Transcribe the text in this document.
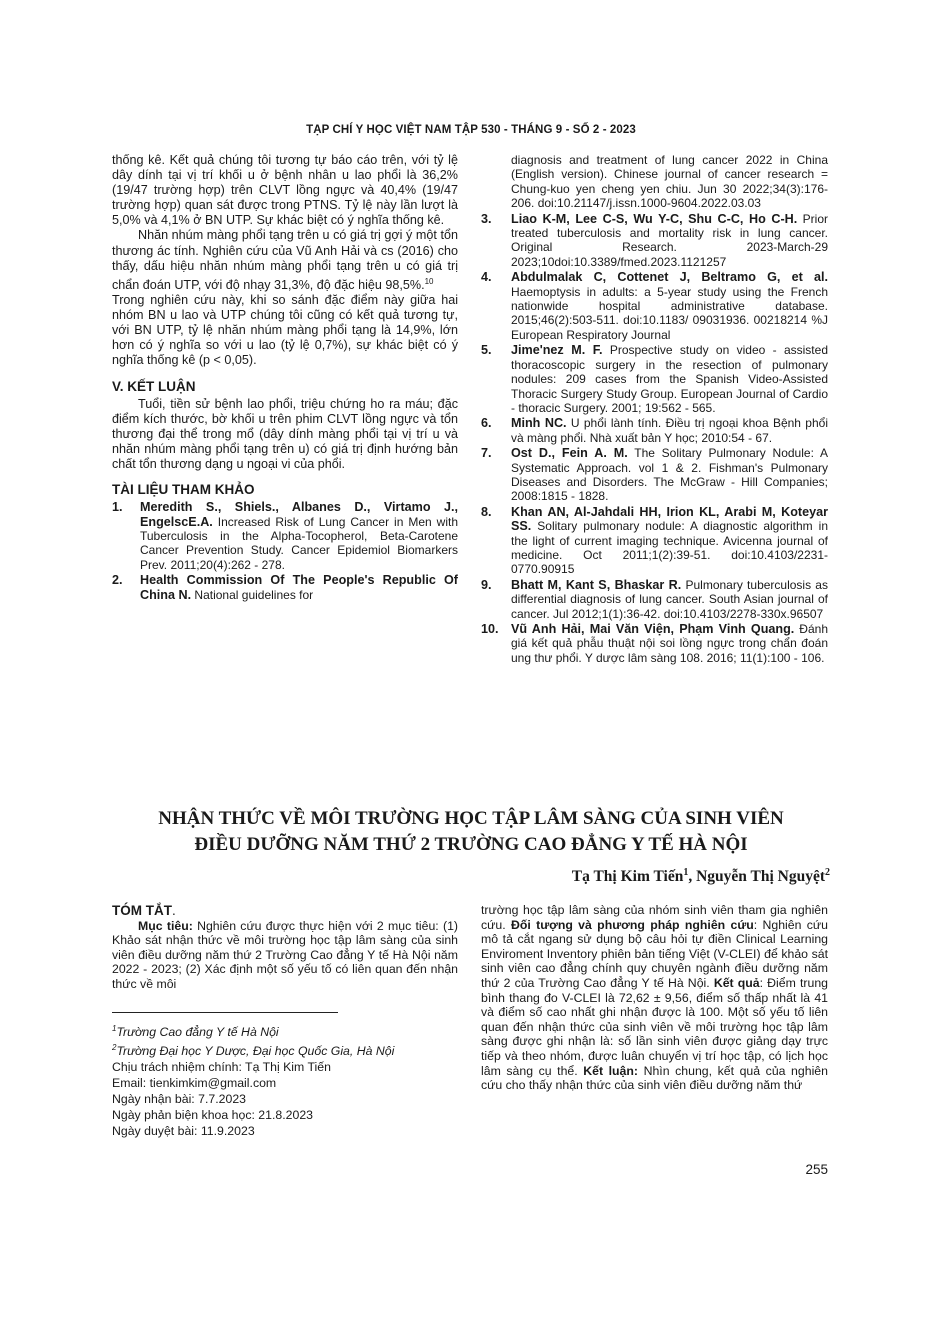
TẠP CHÍ Y HỌC VIỆT NAM TẬP 530 - THÁNG 9 - SỐ 2 - 2023

thống kê. Kết quả chúng tôi tương tự báo cáo trên, với tỷ lệ dây dính tại vị trí khối u ở bệnh nhân u lao phổi là 36,2% (19/47 trường hợp) trên CLVT lồng ngực và 40,4% (19/47 trường hợp) quan sát được trong PTNS. Tỷ lệ này lần lượt là 5,0% và 4,1% ở BN UTP. Sự khác biệt có ý nghĩa thống kê.

Nhăn nhúm màng phổi tạng trên u có giá trị gợi ý một tổn thương ác tính. Nghiên cứu của Vũ Anh Hải và cs (2016) cho thấy, dấu hiệu nhăn nhúm màng phổi tạng trên u có giá trị chẩn đoán UTP, với độ nhạy 31,3%, độ đặc hiệu 98,5%.$^{10}$

Trong nghiên cứu này, khi so sánh đặc điểm này giữa hai nhóm BN u lao và UTP chúng tôi cũng có kết quả tương tự, với BN UTP, tỷ lệ nhăn nhúm màng phổi tạng là 14,9%, lớn hơn có ý nghĩa so với u lao (tỷ lệ 0,7%), sự khác biệt có ý nghĩa thống kê (p < 0,05).

V. KẾT LUẬN

Tuổi, tiền sử bệnh lao phổi, triệu chứng ho ra máu; đặc điểm kích thước, bờ khối u trên phim CLVT lồng ngực và tổn thương đại thể trong mổ (dây dính màng phổi tại vị trí u và nhăn nhúm màng phổi tạng trên u) có giá trị định hướng bản chất tổn thương dạng u ngoại vi của phổi.

TÀI LIỆU THAM KHẢO
1.	Meredith S., Shiels., Albanes D., Virtamo J., EngelscE.A. Increased Risk of Lung Cancer in Men with Tuberculosis in the Alpha-Tocopherol, Beta-Carotene Cancer Prevention Study. Cancer Epidemiol Biomarkers Prev. 2011;20(4):262 - 278.
2.	Health Commission Of The People's Republic Of China N. National guidelines for
diagnosis and treatment of lung cancer 2022 in China (English version). Chinese journal of cancer research = Chung-kuo yen cheng yen chiu. Jun 30 2022;34(3):176-206. doi:10.21147/j.issn.1000-9604.2022.03.03
3.	Liao K-M, Lee C-S, Wu Y-C, Shu C-C, Ho C-H. Prior treated tuberculosis and mortality risk in lung cancer. Original Research. 2023-March-29 2023;10doi:10.3389/fmed.2023.1121257
4.	Abdulmalak C, Cottenet J, Beltramo G, et al. Haemoptysis in adults: a 5-year study using the French nationwide hospital administrative database. 2015;46(2):503-511. doi:10.1183/ 09031936. 00218214 %J European Respiratory Journal
5.	Jime'nez M. F. Prospective study on video - assisted thoracoscopic surgery in the resection of pulmonary nodules: 209 cases from the Spanish Video-Assisted Thoracic Surgery Study Group. European Journal of Cardio - thoracic Surgery. 2001; 19:562 - 565.
6.	Minh NC. U phổi lành tính. Điều trị ngoại khoa Bệnh phổi và màng phổi. Nhà xuất bản Y học; 2010:54 - 67.
7.	Ost D., Fein A. M. The Solitary Pulmonary Nodule: A Systematic Approach. vol 1 & 2. Fishman's Pulmonary Diseases and Disorders. The McGraw - Hill Companies; 2008:1815 - 1828.
8.	Khan AN, Al-Jahdali HH, Irion KL, Arabi M, Koteyar SS. Solitary pulmonary nodule: A diagnostic algorithm in the light of current imaging technique. Avicenna journal of medicine. Oct 2011;1(2):39-51. doi:10.4103/2231-0770.90915
9.	Bhatt M, Kant S, Bhaskar R. Pulmonary tuberculosis as differential diagnosis of lung cancer. South Asian journal of cancer. Jul 2012;1(1):36-42. doi:10.4103/2278-330x.96507
10. Vũ Anh Hải, Mai Văn Viện, Phạm Vinh Quang. Đánh giá kết quả phẫu thuật nội soi lồng ngực trong chẩn đoán ung thư phổi. Y dược lâm sàng 108. 2016; 11(1):100 - 106.
NHẬN THỨC VỀ MÔI TRƯỜNG HỌC TẬP LÂM SÀNG CỦA SINH VIÊN
ĐIỀU DƯỠNG NĂM THỨ 2 TRƯỜNG CAO ĐẲNG Y TẾ HÀ NỘI
Tạ Thị Kim Tiến$^1$, Nguyễn Thị Nguyệt$^2$
TÓM TẮT.

Mục tiêu: Nghiên cứu được thực hiện với 2 mục tiêu: (1) Khảo sát nhận thức về môi trường học tập lâm sàng của sinh viên điều dưỡng năm thứ 2 Trường Cao đẳng Y tế Hà Nội năm 2022 - 2023; (2) Xác định một số yếu tố có liên quan đến nhận thức về môi

trường học tập lâm sàng của nhóm sinh viên tham gia nghiên cứu. Đối tượng và phương pháp nghiên cứu: Nghiên cứu mô tả cắt ngang sử dụng bộ câu hỏi tự điền Clinical Learning Enviroment Inventory phiên bản tiếng Việt (V-CLEI) để khảo sát sinh viên cao đẳng chính quy chuyên ngành điều dưỡng năm thứ 2 của Trường Cao đẳng Y tế Hà Nội. Kết quả: Điểm trung bình thang đo V-CLEI là 72,62 ± 9,56, điểm số thấp nhất là 41 và điểm số cao nhất ghi nhận được là 100. Một số yếu tố liên quan đến nhận thức của sinh viên về môi trường học tập lâm sàng được ghi nhận là: số lần sinh viên được giảng dạy trực tiếp và theo nhóm, được luân chuyển vị trí học tập, có lịch học lâm sàng cụ thể. Kết luận: Nhìn chung, kết quả của nghiên cứu cho thấy nhận thức của sinh viên điều dưỡng năm thứ

$^1$Trường Cao đẳng Y tế Hà Nội
$^2$Trường Đại học Y Dược, Đại học Quốc Gia, Hà Nội
Chịu trách nhiệm chính: Tạ Thị Kim Tiến
Email: tienkimkim@gmail.com
Ngày nhận bài: 7.7.2023
Ngày phản biện khoa học: 21.8.2023
Ngày duyệt bài: 11.9.2023
255
